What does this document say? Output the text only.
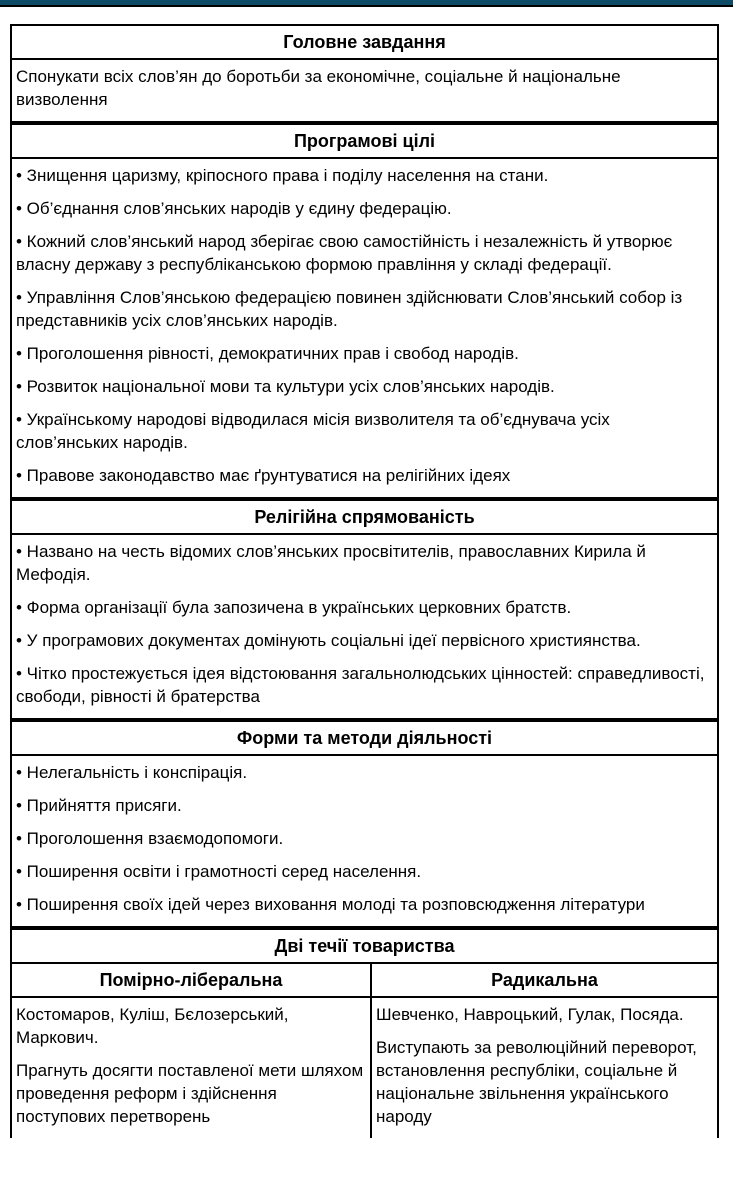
Головне завдання

Спонукати всіх слов’ян до боротьби за економічне, соціальне й національне визволення

Програмові цілі

• Знищення царизму, кріпосного права і поділу населення на стани.

• Об’єднання слов’янських народів у єдину федерацію.

• Кожний слов’янський народ зберігає свою самостійність і незалежність й утворює власну державу з республіканською формою правління у складі федерації.

• Управління Слов’янською федерацією повинен здійснювати Слов’янський собор із представників усіх слов’янських народів.

• Проголошення рівності, демократичних прав і свобод народів.

• Розвиток національної мови та культури усіх слов’янських народів.

• Українському народові відводилася місія визволителя та об’єднувача усіх слов’янських народів.

• Правове законодавство має ґрунтуватися на релігійних ідеях

Релігійна спрямованість

• Названо на честь відомих слов’янських просвітителів, православних Кирила й Мефодія.

• Форма організації була запозичена в українських церковних братств.

• У програмових документах домінують соціальні ідеї первісного християнства.

• Чітко простежується ідея відстоювання загальнолюдських цінностей: справедливості, свободи, рівності й братерства

Форми та методи діяльності

• Нелегальність і конспірація.

• Прийняття присяги.

• Проголошення взаємодопомоги.

• Поширення освіти і грамотності серед населення.

• Поширення своїх ідей через виховання молоді та розповсюдження літератури

Дві течії товариства
Помірно-ліберальна	Радикальна

Костомаров, Куліш, Бєлозерський, Маркович.

Прагнуть досягти поставленої мети шляхом проведення реформ і здійснення поступових перетворень

Шевченко, Навроцький, Гулак, Посяда.

Виступають за революційний переворот, встановлення республіки, соціальне й національне звільнення українського народу
